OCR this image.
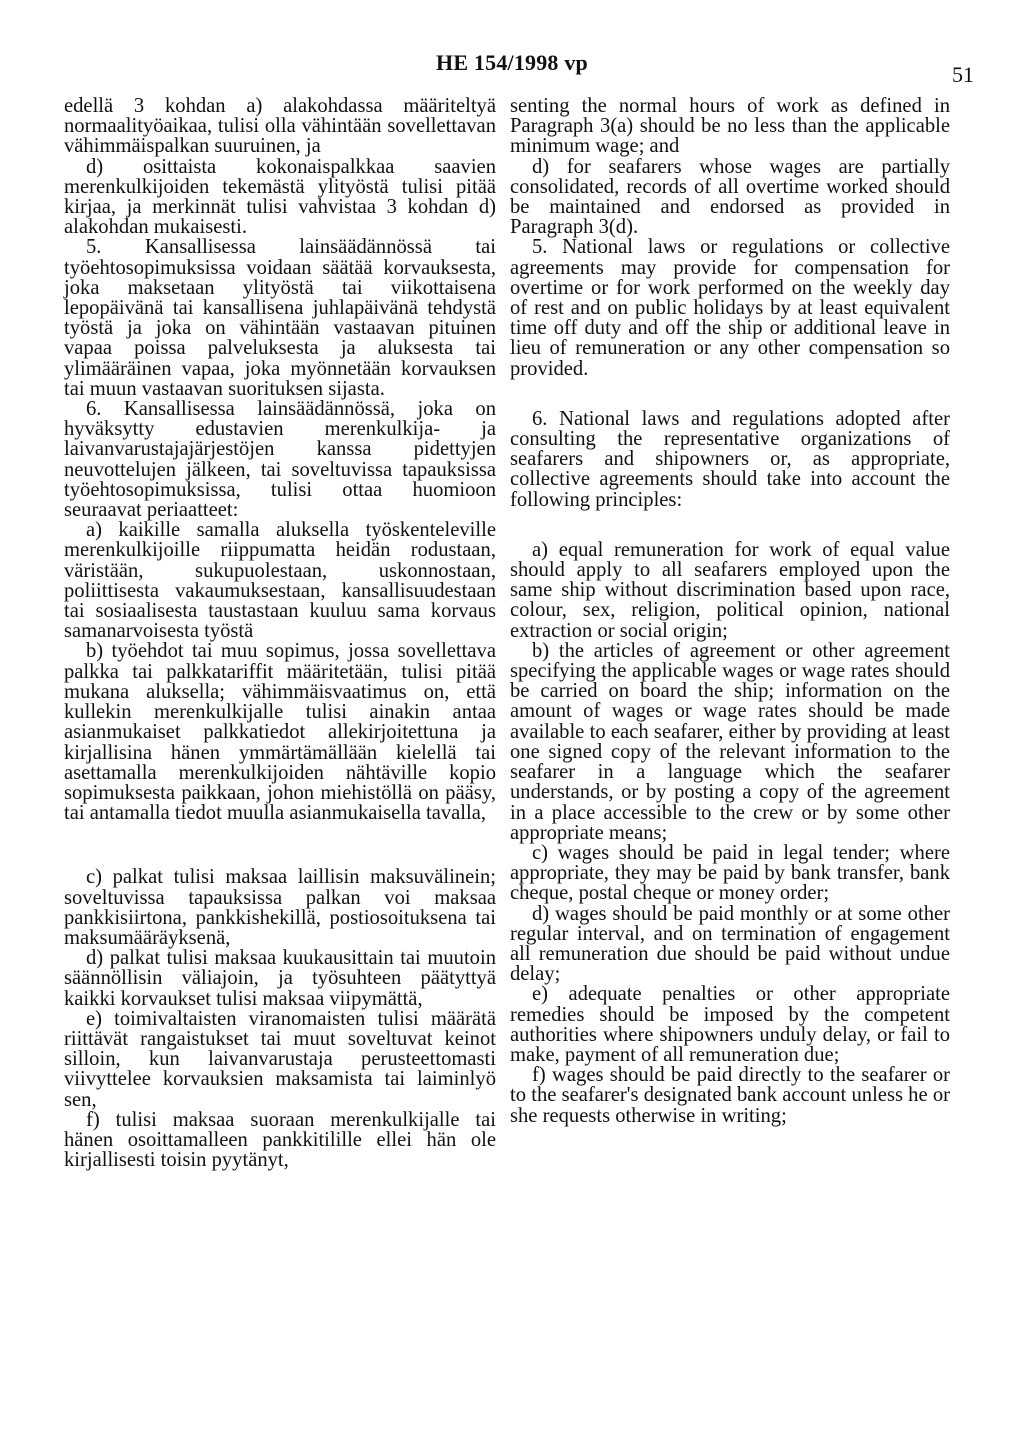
HE 154/1998 vp	51

edellä 3 kohdan a) alakohdassa määriteltyä normaalityöaikaa, tulisi olla vähintään sovellettavan vähimmäispalkan suuruinen, ja

d) osittaista kokonaispalkkaa saavien merenkulkijoiden tekemästä ylityöstä tulisi pitää kirjaa, ja merkinnät tulisi vahvistaa 3 kohdan d) alakohdan mukaisesti.

5. Kansallisessa lainsäädännössä tai työehtosopimuksissa voidaan säätää korvauksesta, joka maksetaan ylityöstä tai viikottaisena lepopäivänä tai kansallisena juhlapäivänä tehdystä työstä ja joka on vähintään vastaavan pituinen vapaa poissa palveluksesta ja aluksesta tai ylimääräinen vapaa, joka myönnetään korvauksen tai muun vastaavan suorituksen sijasta.

6. Kansallisessa lainsäädännössä, joka on hyväksytty edustavien merenkulkija- ja laivanvarustajajärjestöjen kanssa pidettyjen neuvottelujen jälkeen, tai soveltuvissa tapauksissa työehtosopimuksissa, tulisi ottaa huomioon seuraavat periaatteet:

a) kaikille samalla aluksella työskenteleville merenkulkijoille riippumatta heidän rodustaan, väristään, sukupuolestaan, uskonnostaan, poliittisesta vakaumuksestaan, kansallisuudestaan tai sosiaalisesta taustastaan kuuluu sama korvaus samanarvoisesta työstä

b) työehdot tai muu sopimus, jossa sovellettava palkka tai palkkatariffit määritetään, tulisi pitää mukana aluksella; vähimmäisvaatimus on, että kullekin merenkulkijalle tulisi ainakin antaa asianmukaiset palkkatiedot allekirjoitettuna ja kirjallisina hänen ymmärtämällään kielellä tai asettamalla merenkulkijoiden nähtäville kopio sopimuksesta paikkaan, johon miehistöllä on pääsy, tai antamalla tiedot muulla asianmukaisella tavalla,

c) palkat tulisi maksaa laillisin maksuvälinein; soveltuvissa tapauksissa palkan voi maksaa pankkisiirtona, pankkishekillä, postiosoituksena tai maksumääräyksenä,

d) palkat tulisi maksaa kuukausittain tai muutoin säännöllisin väliajoin, ja työsuhteen päätyttyä kaikki korvaukset tulisi maksaa viipymättä,

e) toimivaltaisten viranomaisten tulisi määrätä riittävät rangaistukset tai muut soveltuvat keinot silloin, kun laivanvarustaja perusteettomasti viivyttelee korvauksien maksamista tai laiminlyö sen,

f) tulisi maksaa suoraan merenkulkijalle tai hänen osoittamalleen pankkitilille ellei hän ole kirjallisesti toisin pyytänyt,

senting the normal hours of work as defined in Paragraph 3(a) should be no less than the applicable minimum wage; and

d) for seafarers whose wages are partially consolidated, records of all overtime worked should be maintained and endorsed as provided in Paragraph 3(d).

5. National laws or regulations or collective agreements may provide for compensation for overtime or for work performed on the weekly day of rest and on public holidays by at least equivalent time off duty and off the ship or additional leave in lieu of remuneration or any other compensation so provided.

6. National laws and regulations adopted after consulting the representative organizations of seafarers and shipowners or, as appropriate, collective agreements should take into account the following principles:

a) equal remuneration for work of equal value should apply to all seafarers employed upon the same ship without discrimination based upon race, colour, sex, religion, political opinion, national extraction or social origin;

b) the articles of agreement or other agreement specifying the applicable wages or wage rates should be carried on board the ship; information on the amount of wages or wage rates should be made available to each seafarer, either by providing at least one signed copy of the relevant information to the seafarer in a language which the seafarer understands, or by posting a copy of the agreement in a place accessible to the crew or by some other appropriate means;

c) wages should be paid in legal tender; where appropriate, they may be paid by bank transfer, bank cheque, postal cheque or money order;

d) wages should be paid monthly or at some other regular interval, and on termination of engagement all remuneration due should be paid without undue delay;

e) adequate penalties or other appropriate remedies should be imposed by the competent authorities where shipowners unduly delay, or fail to make, payment of all remuneration due;

f) wages should be paid directly to the seafarer or to the seafarer's designated bank account unless he or she requests otherwise in writing;
